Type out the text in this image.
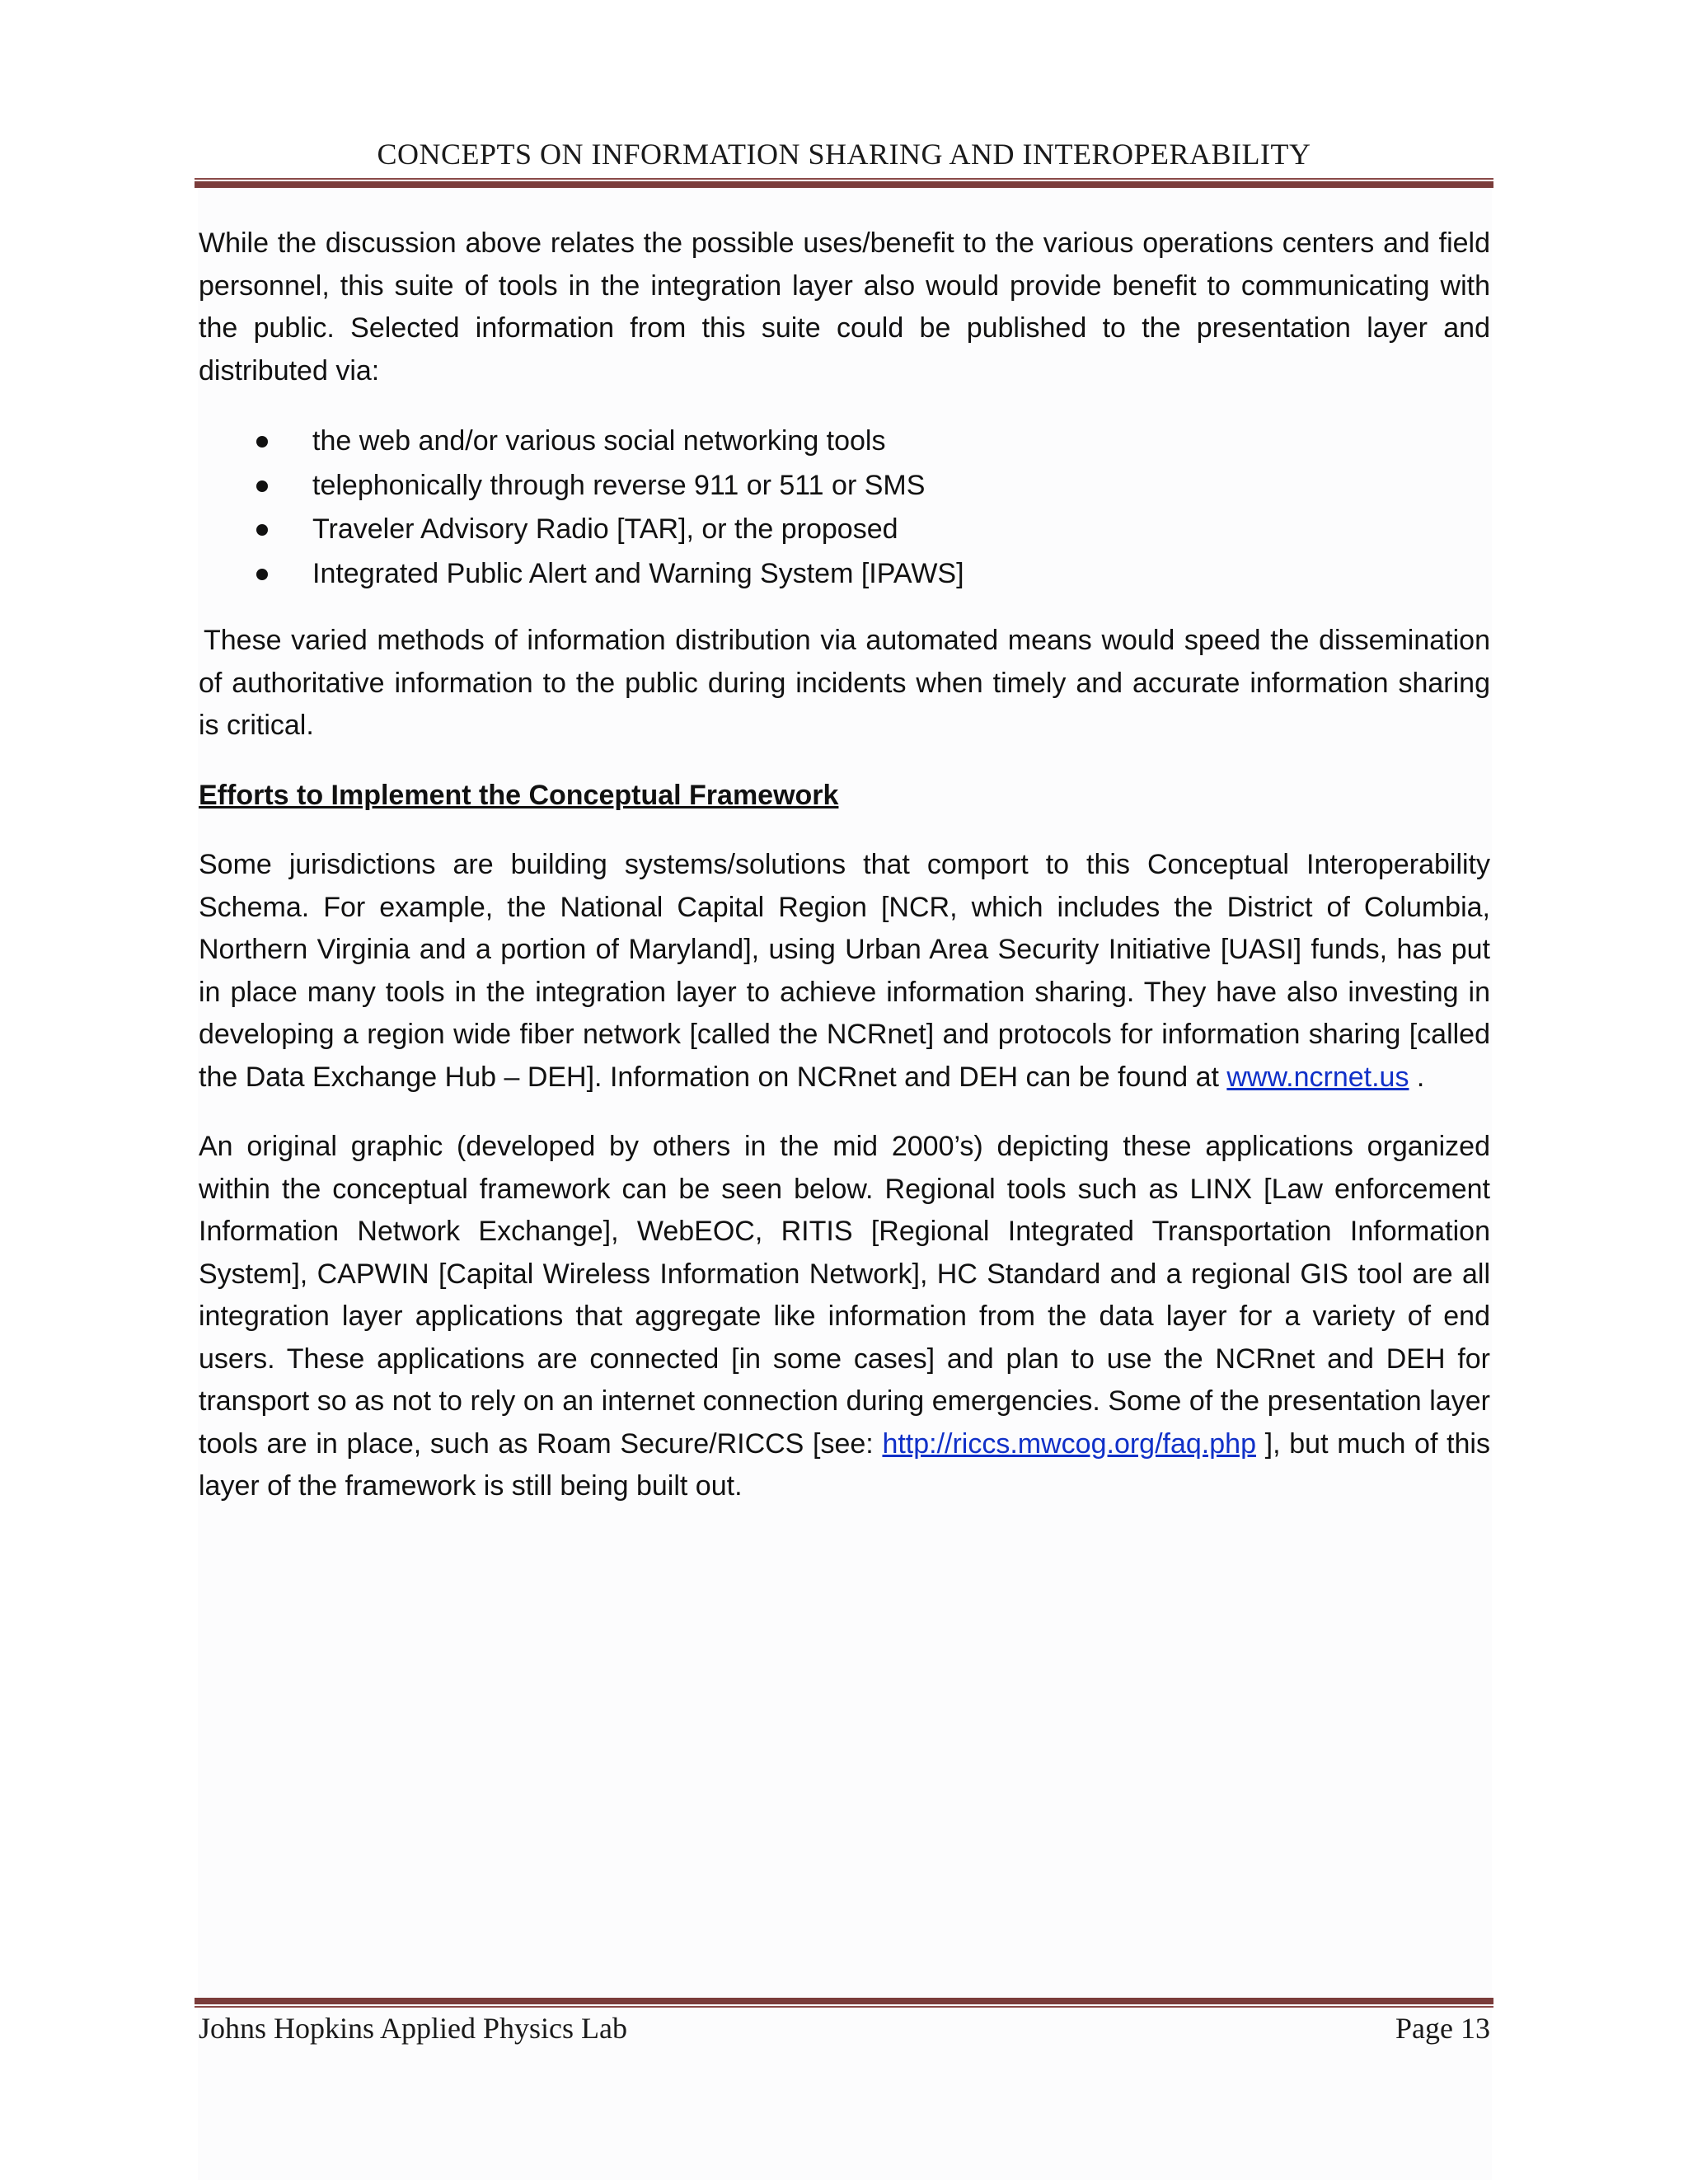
CONCEPTS ON INFORMATION SHARING AND INTEROPERABILITY

While the discussion above relates the possible uses/benefit to the various operations centers and field personnel, this suite of tools in the integration layer also would provide benefit to communicating with the public. Selected information from this suite could be published to the presentation layer and distributed via:

the web and/or various social networking tools
telephonically through reverse 911 or 511 or SMS
Traveler Advisory Radio [TAR], or the proposed
Integrated Public Alert and Warning System [IPAWS]

These varied methods of information distribution via automated means would speed the dissemination of authoritative information to the public during incidents when timely and accurate information sharing is critical.

Efforts to Implement the Conceptual Framework

Some jurisdictions are building systems/solutions that comport to this Conceptual Interoperability Schema. For example, the National Capital Region [NCR, which includes the District of Columbia, Northern Virginia and a portion of Maryland], using Urban Area Security Initiative [UASI] funds, has put in place many tools in the integration layer to achieve information sharing. They have also investing in developing a region wide fiber network [called the NCRnet] and protocols for information sharing [called the Data Exchange Hub – DEH]. Information on NCRnet and DEH can be found at www.ncrnet.us .

An original graphic (developed by others in the mid 2000’s) depicting these applications organized within the conceptual framework can be seen below. Regional tools such as LINX [Law enforcement Information Network Exchange], WebEOC, RITIS [Regional Integrated Transportation Information System], CAPWIN [Capital Wireless Information Network], HC Standard and a regional GIS tool are all integration layer applications that aggregate like information from the data layer for a variety of end users. These applications are connected [in some cases] and plan to use the NCRnet and DEH for transport so as not to rely on an internet connection during emergencies. Some of the presentation layer tools are in place, such as Roam Secure/RICCS [see: http://riccs.mwcog.org/faq.php ], but much of this layer of the framework is still being built out.

Johns Hopkins Applied Physics Lab	Page 13
